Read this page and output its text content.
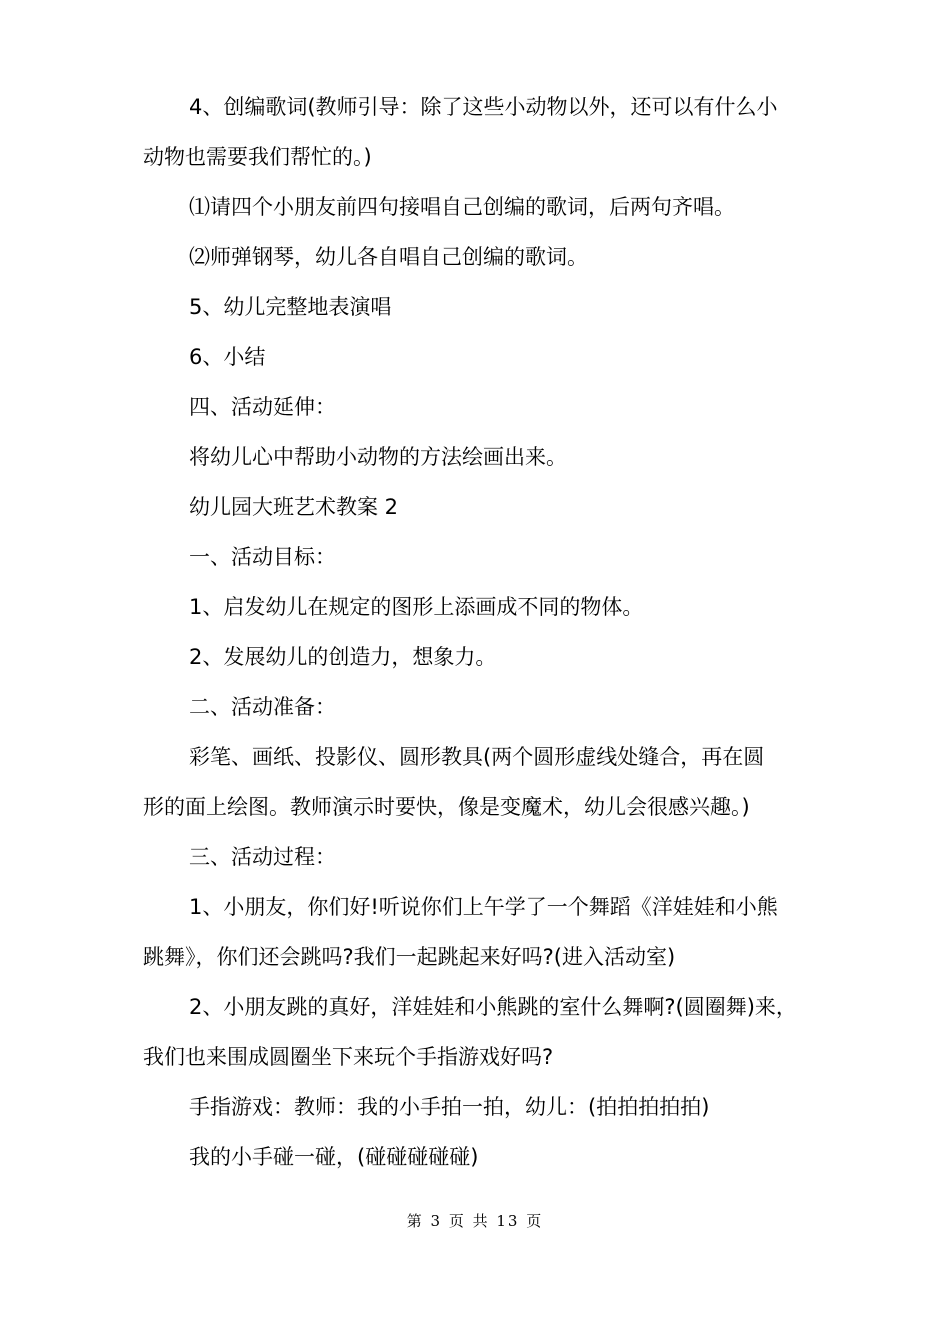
4、创编歌词(教师引导：除了这些小动物以外，还可以有什么小
动物也需要我们帮忙的。)

⑴请四个小朋友前四句接唱自己创编的歌词，后两句齐唱。

⑵师弹钢琴，幼儿各自唱自己创编的歌词。

5、幼儿完整地表演唱

6、小结

四、活动延伸：

将幼儿心中帮助小动物的方法绘画出来。

幼儿园大班艺术教案 2

一、活动目标：

1、启发幼儿在规定的图形上添画成不同的物体。

2、发展幼儿的创造力，想象力。

二、活动准备：

彩笔、画纸、投影仪、圆形教具(两个圆形虚线处缝合，再在圆
形的面上绘图。教师演示时要快，像是变魔术，幼儿会很感兴趣。)

三、活动过程：

1、小朋友，你们好!听说你们上午学了一个舞蹈《洋娃娃和小熊
跳舞》，你们还会跳吗?我们一起跳起来好吗?(进入活动室)

2、小朋友跳的真好，洋娃娃和小熊跳的室什么舞啊?(圆圈舞)来，
我们也来围成圆圈坐下来玩个手指游戏好吗?

手指游戏：教师：我的小手拍一拍，幼儿：(拍拍拍拍拍)

我的小手碰一碰，(碰碰碰碰碰)

第 3 页 共 13 页
